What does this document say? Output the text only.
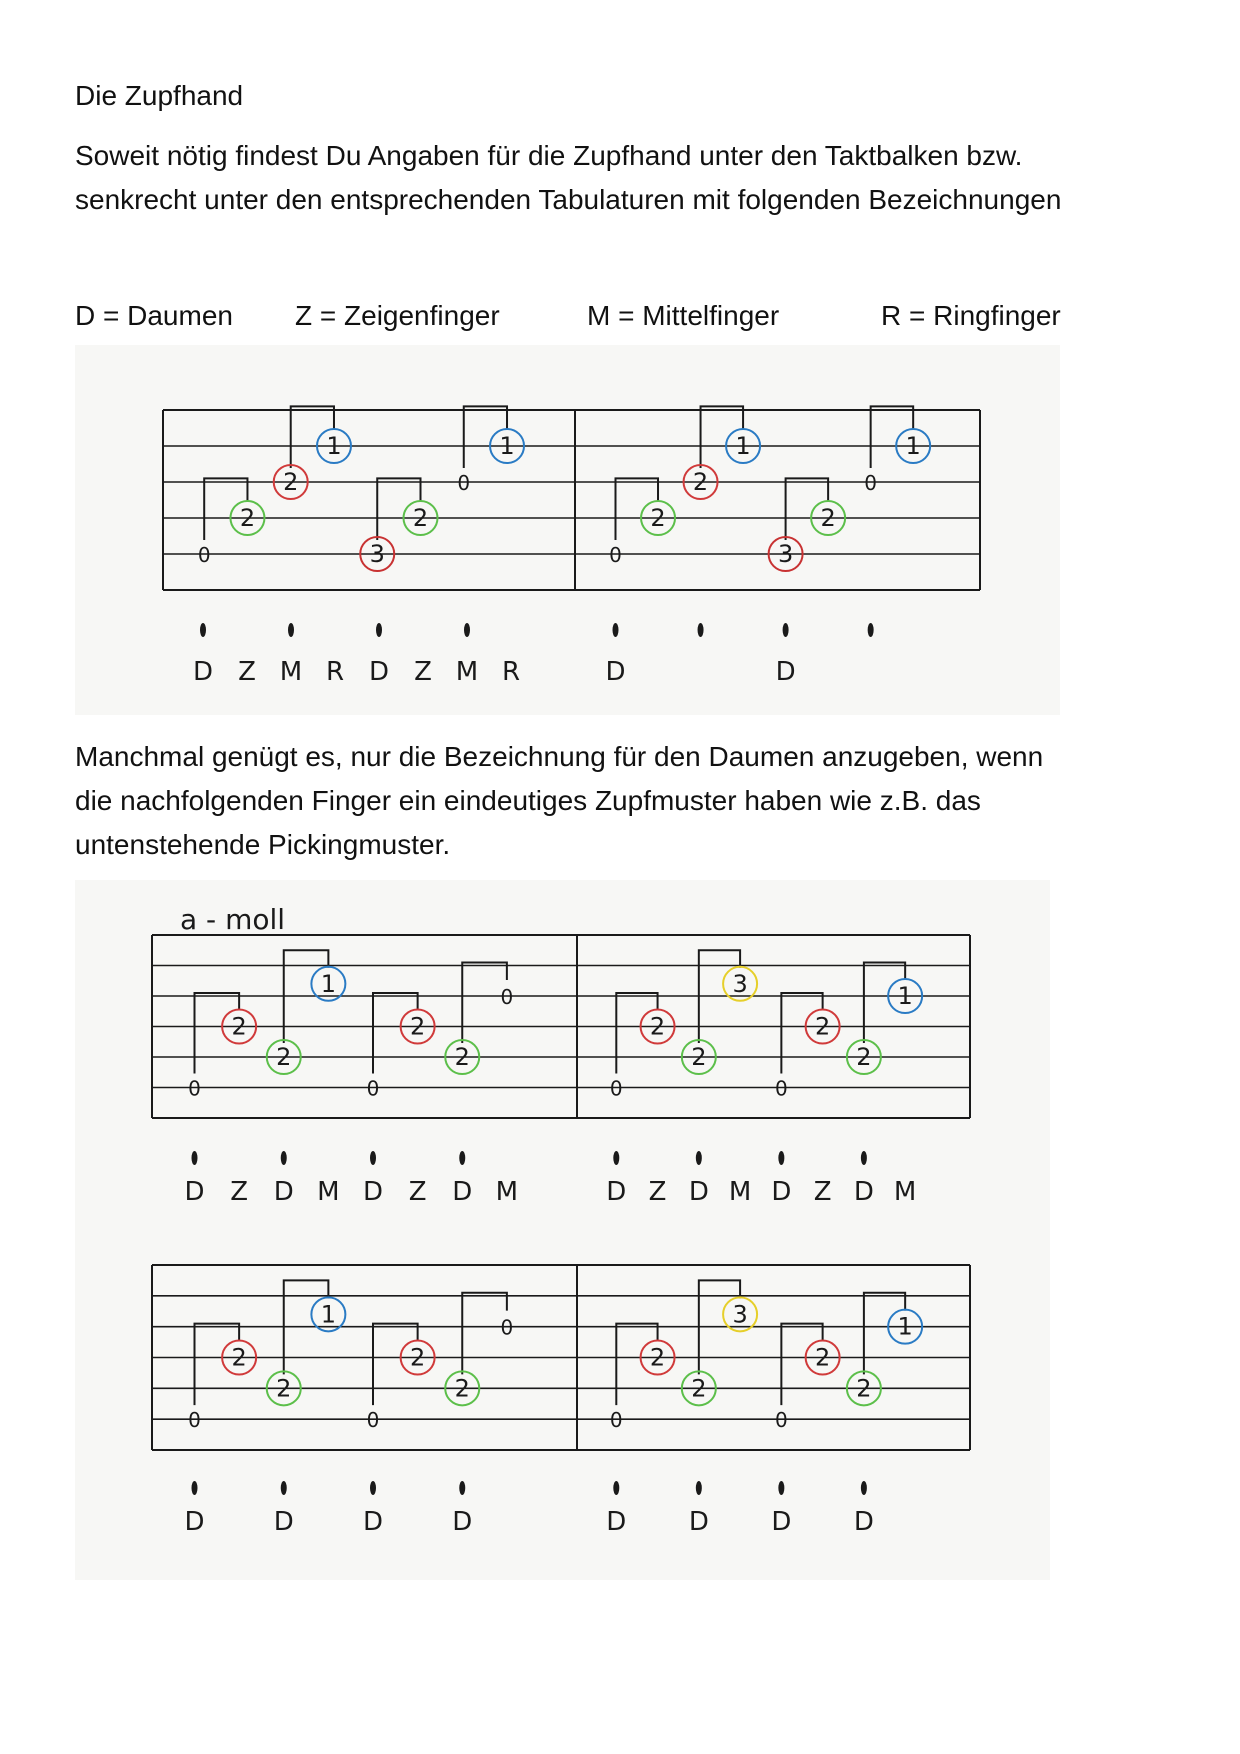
Die Zupfhand
Soweit nötig findest Du Angaben für die Zupfhand unter den Taktbalken bzw.
senkrecht unter den entsprechenden Tabulaturen mit folgenden Bezeichnungen
D = Daumen Z = Zeigenfinger	M = Mittelfinger	R = Ringfinger
Manchmal genügt es, nur die Bezeichnung für den Daumen anzugeben, wenn
die nachfolgenden Finger ein eindeutiges Zupfmuster haben wie z.B. das
untenstehende Pickingmuster.
0
2
2
1
3
2
0
1
0
2
2
1
3
2
0
1
D Z M R D Z M R	D	D
a - moll
0
2
2
1
0
2
2
0
0
2
2
3
0
2
2
1
D Z D M D Z D M	D Z D M D Z D M
0
2
2
1
0
2
2
0
0
2
2
3
0
2
2
1
D	D	D	D	D D D D
